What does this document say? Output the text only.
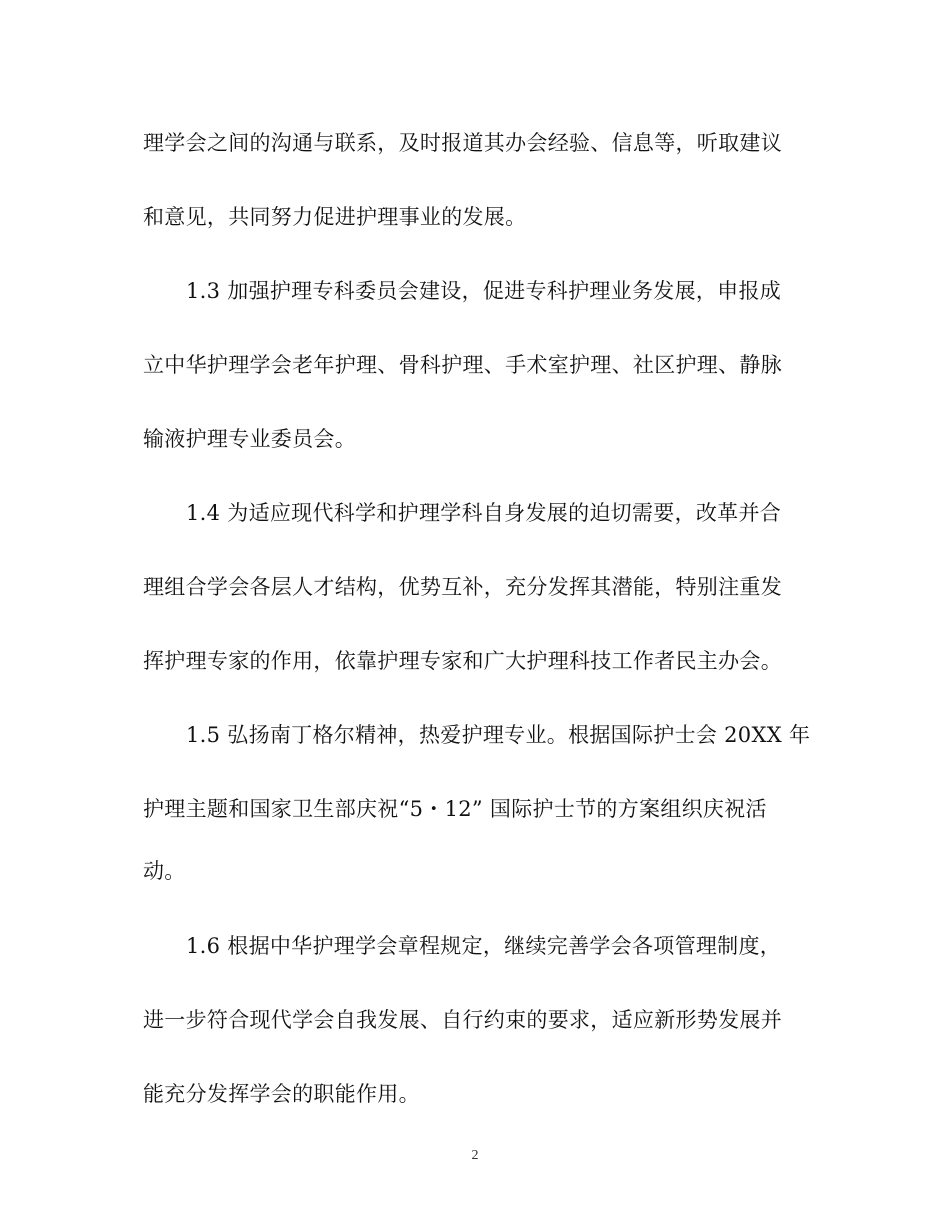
理学会之间的沟通与联系，及时报道其办会经验、信息等，听取建议
和意见，共同努力促进护理事业的发展。
1.3 加强护理专科委员会建设，促进专科护理业务发展，申报成
立中华护理学会老年护理、骨科护理、手术室护理、社区护理、静脉
输液护理专业委员会。
1.4 为适应现代科学和护理学科自身发展的迫切需要，改革并合
理组合学会各层人才结构，优势互补，充分发挥其潜能，特别注重发
挥护理专家的作用，依靠护理专家和广大护理科技工作者民主办会。
1.5 弘扬南丁格尔精神，热爱护理专业。根据国际护士会 20XX 年
护理主题和国家卫生部庆祝“5・12” 国际护士节的方案组织庆祝活
动。
1.6 根据中华护理学会章程规定，继续完善学会各项管理制度，
进一步符合现代学会自我发展、自行约束的要求，适应新形势发展并
能充分发挥学会的职能作用。
2
